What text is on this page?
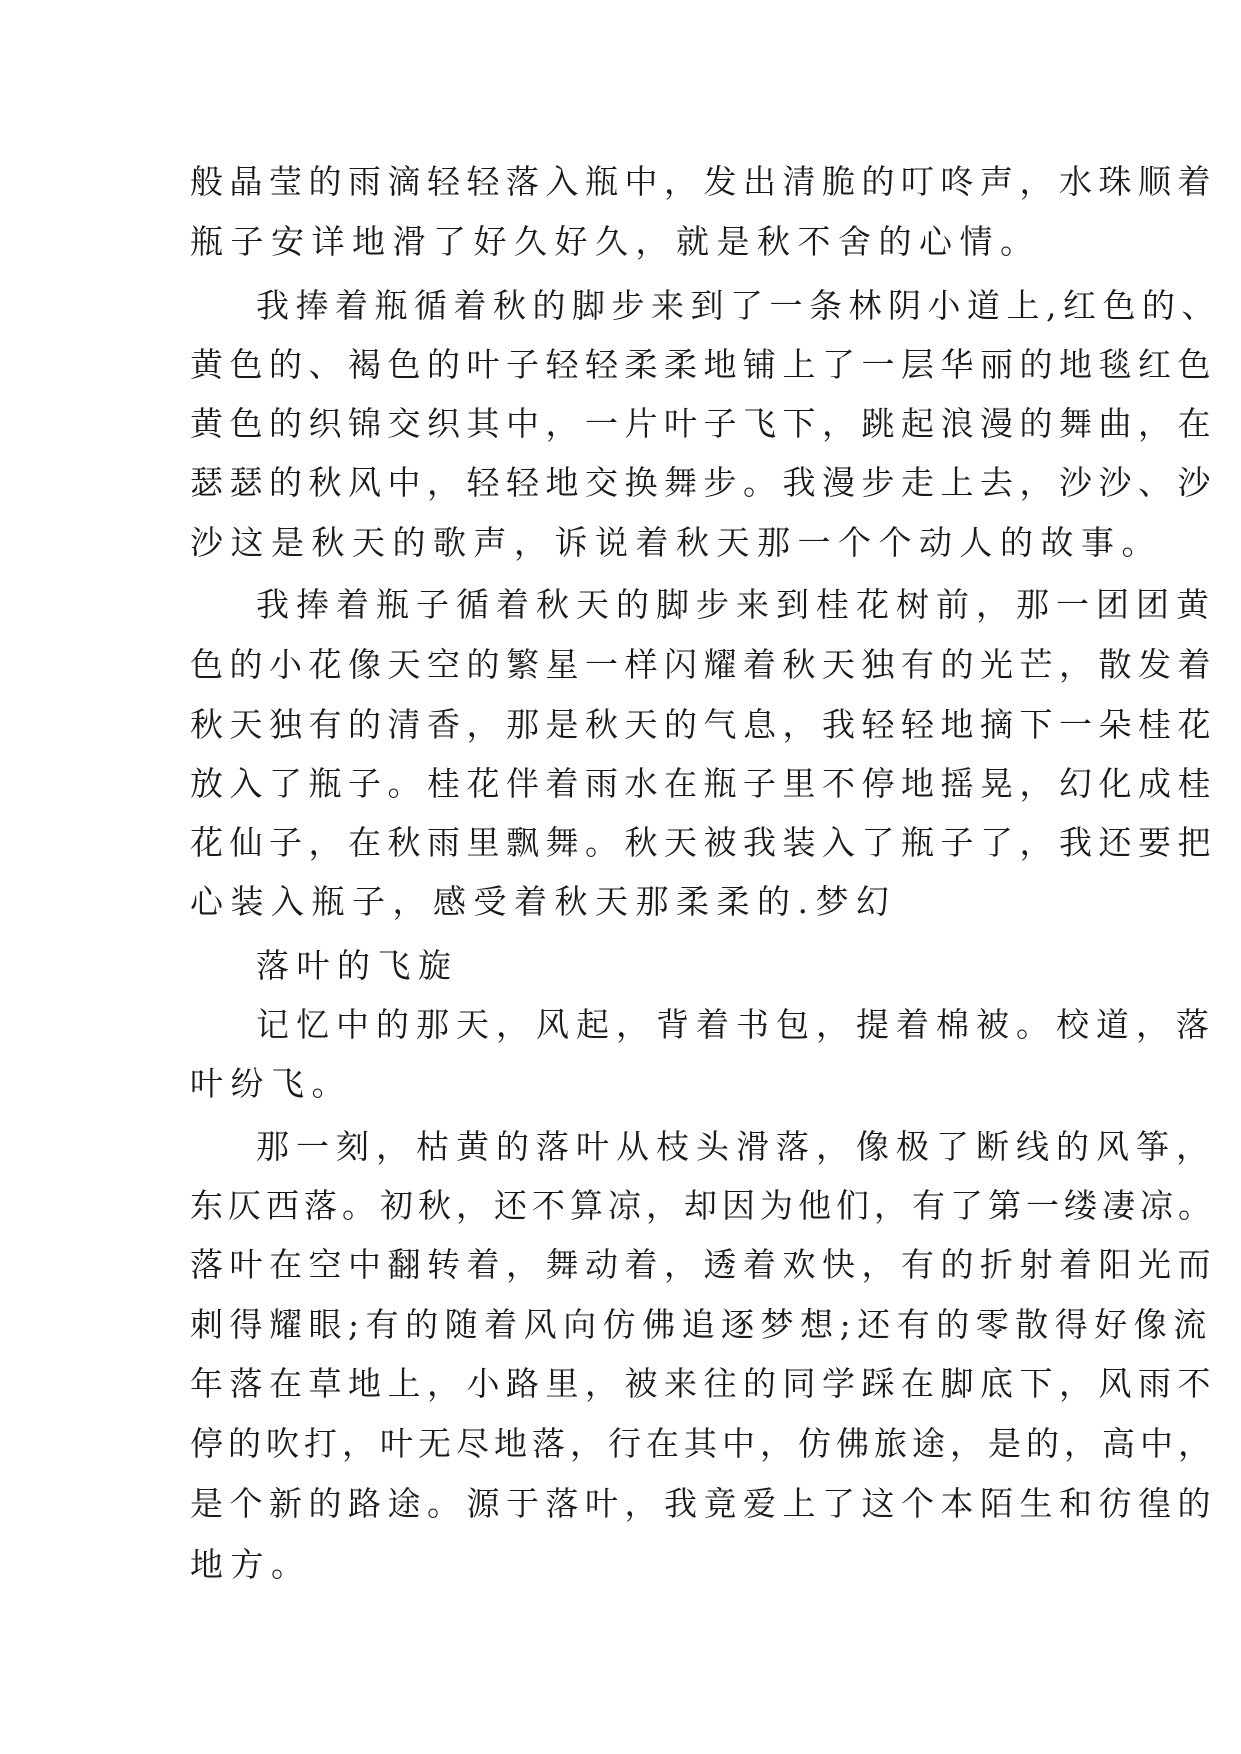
般晶莹的雨滴轻轻落入瓶中，发出清脆的叮咚声，水珠顺着

瓶子安详地滑了好久好久，就是秋不舍的心情。

我捧着瓶循着秋的脚步来到了一条林阴小道上,红色的、

黄色的、褐色的叶子轻轻柔柔地铺上了一层华丽的地毯红色

黄色的织锦交织其中，一片叶子飞下，跳起浪漫的舞曲，在

瑟瑟的秋风中，轻轻地交换舞步。我漫步走上去，沙沙、沙

沙这是秋天的歌声，诉说着秋天那一个个动人的故事。

我捧着瓶子循着秋天的脚步来到桂花树前，那一团团黄

色的小花像天空的繁星一样闪耀着秋天独有的光芒，散发着

秋天独有的清香，那是秋天的气息，我轻轻地摘下一朵桂花

放入了瓶子。桂花伴着雨水在瓶子里不停地摇晃，幻化成桂

花仙子，在秋雨里飘舞。秋天被我装入了瓶子了，我还要把

心装入瓶子，感受着秋天那柔柔的.梦幻

落叶的飞旋

记忆中的那天，风起，背着书包，提着棉被。校道，落

叶纷飞。

那一刻，枯黄的落叶从枝头滑落，像极了断线的风筝，

东仄西落。初秋，还不算凉，却因为他们，有了第一缕凄凉。

落叶在空中翻转着，舞动着，透着欢快，有的折射着阳光而

刺得耀眼;有的随着风向仿佛追逐梦想;还有的零散得好像流

年落在草地上，小路里，被来往的同学踩在脚底下，风雨不

停的吹打，叶无尽地落，行在其中，仿佛旅途，是的，高中，

是个新的路途。源于落叶，我竟爱上了这个本陌生和彷徨的

地方。
